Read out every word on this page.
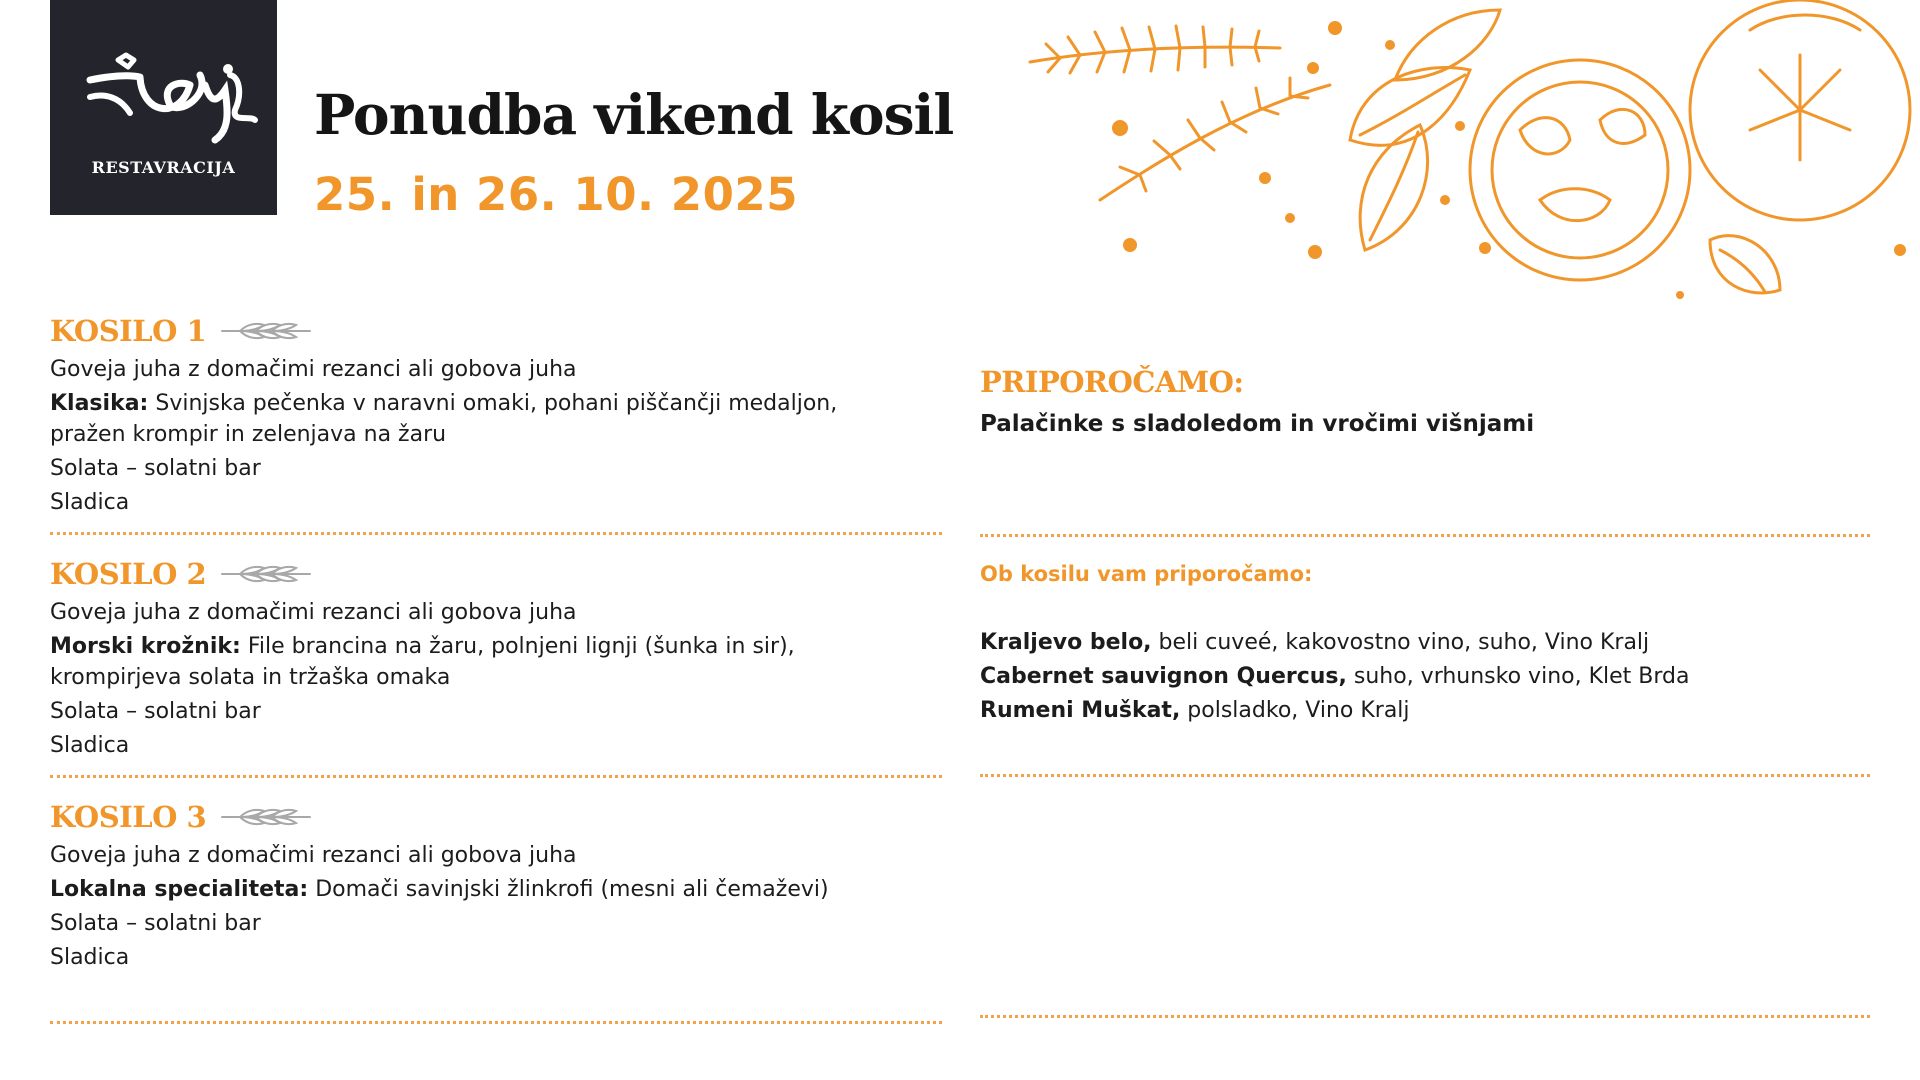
RESTAVRACIJA
Ponudba vikend kosil
25. in 26. 10. 2025
KOSILO 1
Goveja juha z domačimi rezanci ali gobova juha
Klasika: Svinjska pečenka v naravni omaki, pohani piščančji medaljon,
pražen krompir in zelenjava na žaru
Solata – solatni bar
Sladica
KOSILO 2
Goveja juha z domačimi rezanci ali gobova juha
Morski krožnik: File brancina na žaru, polnjeni lignji (šunka in sir),
krompirjeva solata in tržaška omaka
Solata – solatni bar
Sladica
KOSILO 3
Goveja juha z domačimi rezanci ali gobova juha
Lokalna specialiteta: Domači savinjski žlinkrofi (mesni ali čemaževi)
Solata – solatni bar
Sladica
PRIPOROČAMO:
Palačinke s sladoledom in vročimi višnjami
Ob kosilu vam priporočamo:
Kraljevo belo, beli cuveé, kakovostno vino, suho, Vino Kralj
Cabernet sauvignon Quercus, suho, vrhunsko vino, Klet Brda
Rumeni Muškat, polsladko, Vino Kralj
